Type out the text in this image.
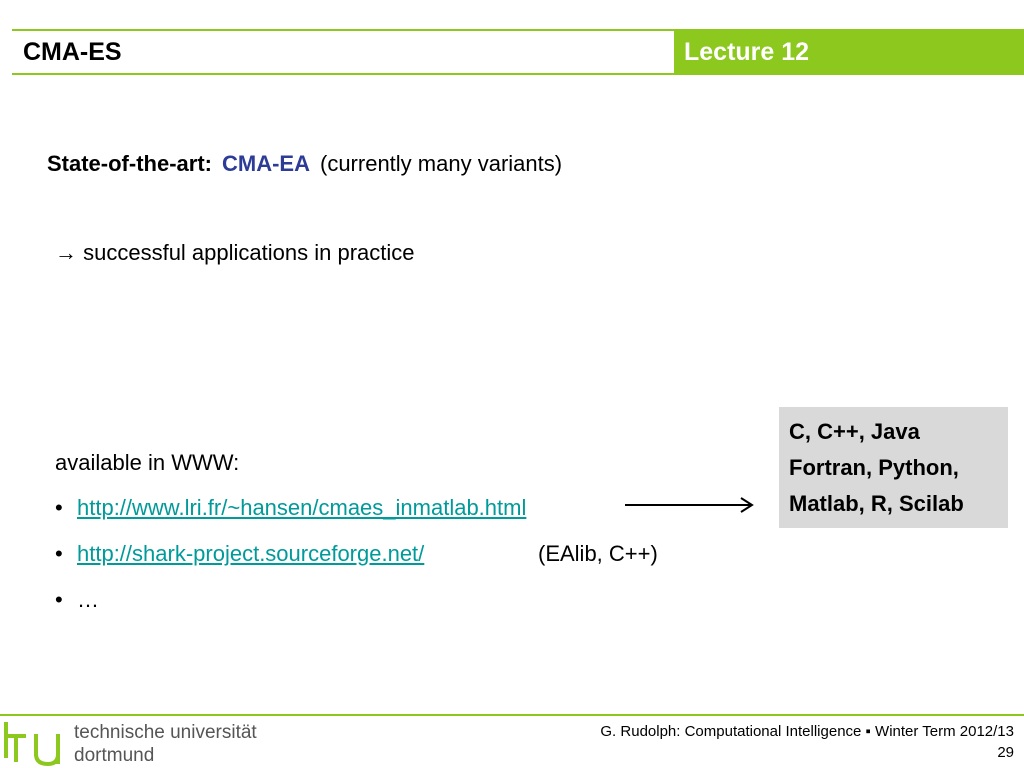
CMA-ES	Lecture 12
State-of-the-art: CMA-EA (currently many variants)
→ successful applications in practice
available in WWW:
• http://www.lri.fr/~hansen/cmaes_inmatlab.html
• http://shark-project.sourceforge.net/	(EAlib, C++)
• …
C, C++, Java
Fortran, Python,
Matlab, R, Scilab
technische universität
dortmund
G. Rudolph: Computational Intelligence ▪ Winter Term 2012/13
29
